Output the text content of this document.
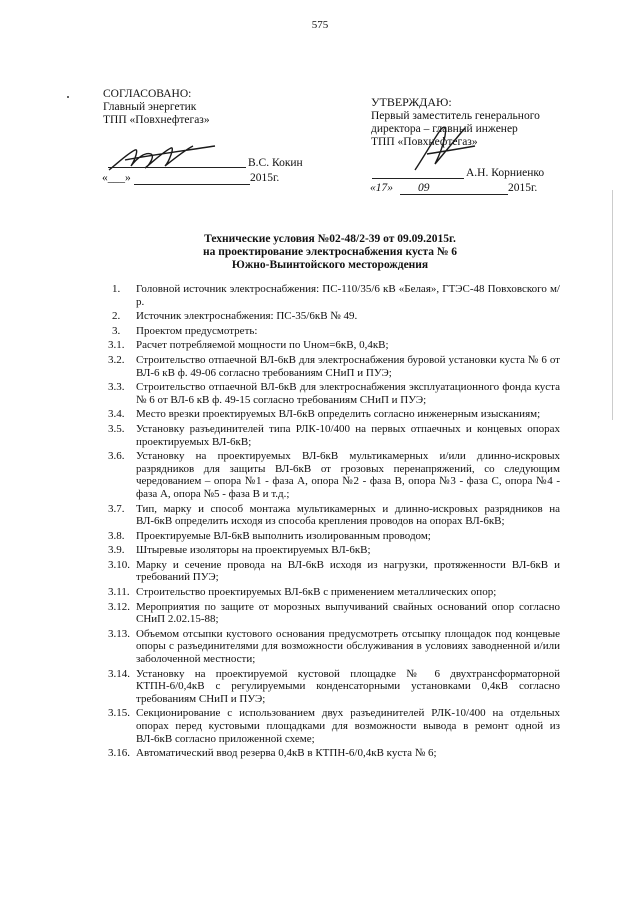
575
СОГЛАСОВАНО:
Главный энергетик
ТПП «Повхнефтегаз»
В.С. Кокин
«___»	2015г.
УТВЕРЖДАЮ:
Первый заместитель генерального
директора – главный инженер
ТПП «Повхнефтегаз»
А.Н. Корниенко
«17» 09	2015г.
Технические условия №02-48/2-39 от 09.09.2015г.
на проектирование электроснабжения куста № 6
Южно-Выинтойского месторождения
1.	Головной источник электроснабжения: ПС-110/35/6 кВ «Белая», ГТЭС-48 Повховского м/р.
2.	Источник электроснабжения: ПС-35/6кВ № 49.
3.	Проектом предусмотреть:
3.1.	Расчет потребляемой мощности по Uном=6кВ, 0,4кВ;
3.2.	Строительство отпаечной ВЛ-6кВ для электроснабжения буровой установки куста № 6 от ВЛ-6 кВ ф. 49-06 согласно требованиям СНиП и ПУЭ;
3.3.	Строительство отпаечной ВЛ-6кВ для электроснабжения эксплуатационного фонда куста № 6 от ВЛ-6 кВ ф. 49-15 согласно требованиям СНиП и ПУЭ;
3.4.	Место врезки проектируемых ВЛ-6кВ определить согласно инженерным изысканиям;
3.5.	Установку разъединителей типа РЛК-10/400 на первых отпаечных и концевых опорах проектируемых ВЛ-6кВ;
3.6.	Установку на проектируемых ВЛ-6кВ мультикамерных и/или длинно-искровых разрядников для защиты ВЛ-6кВ от грозовых перенапряжений, со следующим чередованием – опора №1 - фаза А, опора №2 - фаза В, опора №3 - фаза С, опора №4 - фаза А, опора №5 - фаза В и т.д.;
3.7.	Тип, марку и способ монтажа мультикамерных и длинно-искровых разрядников на ВЛ-6кВ определить исходя из способа крепления проводов на опорах ВЛ-6кВ;
3.8.	Проектируемые ВЛ-6кВ выполнить изолированным проводом;
3.9.	Штыревые изоляторы на проектируемых ВЛ-6кВ;
3.10. Марку и сечение провода на ВЛ-6кВ исходя из нагрузки, протяженности ВЛ-6кВ и требований ПУЭ;
3.11. Строительство проектируемых ВЛ-6кВ с применением металлических опор;
3.12. Мероприятия по защите от морозных выпучиваний свайных оснований опор согласно СНиП 2.02.15-88;
3.13. Объемом отсыпки кустового основания предусмотреть отсыпку площадок под концевые опоры с разъединителями для возможности обслуживания в условиях заводненной и/или заболоченной местности;
3.14. Установку на проектируемой кустовой площадке № 6 двухтрансформаторной КТПН-6/0,4кВ с регулируемыми конденсаторными установками 0,4кВ согласно требованиям СНиП и ПУЭ;
3.15. Секционирование с использованием двух разъединителей РЛК-10/400 на отдельных опорах перед кустовыми площадками для возможности вывода в ремонт одной из ВЛ-6кВ согласно приложенной схеме;
3.16. Автоматический ввод резерва 0,4кВ в КТПН-6/0,4кВ куста № 6;
